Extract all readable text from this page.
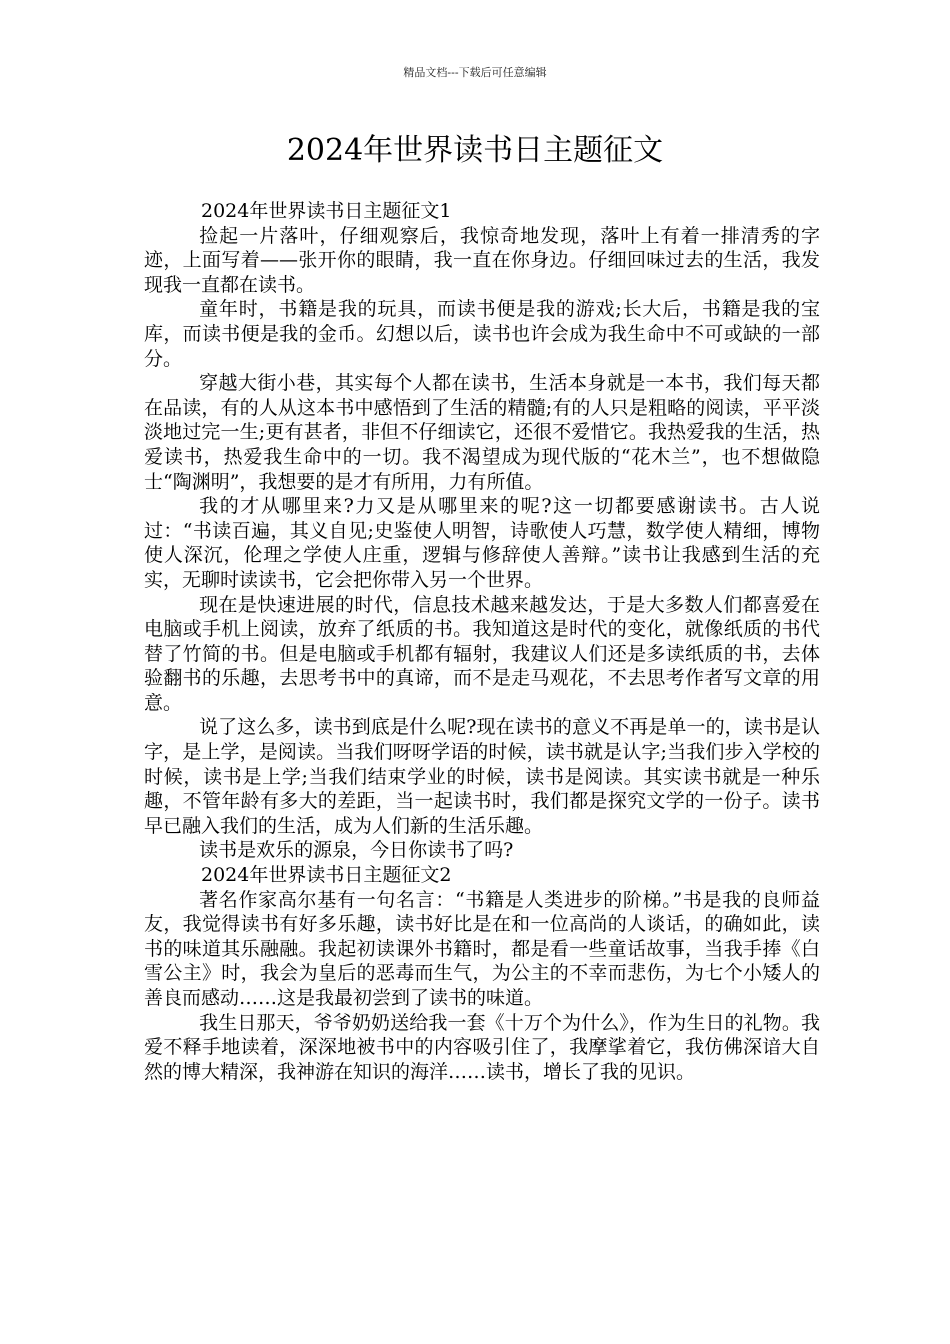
精品文档---下载后可任意编辑
2024年世界读书日主题征文

2024年世界读书日主题征文1

捡起一片落叶，仔细观察后，我惊奇地发现，落叶上有着一排清秀的字迹，上面写着——张开你的眼睛，我一直在你身边。仔细回味过去的生活，我发现我一直都在读书。

童年时，书籍是我的玩具，而读书便是我的游戏;长大后，书籍是我的宝库，而读书便是我的金币。幻想以后，读书也许会成为我生命中不可或缺的一部分。

穿越大街小巷，其实每个人都在读书，生活本身就是一本书，我们每天都在品读，有的人从这本书中感悟到了生活的精髓;有的人只是粗略的阅读，平平淡淡地过完一生;更有甚者，非但不仔细读它，还很不爱惜它。我热爱我的生活，热爱读书，热爱我生命中的一切。我不渴望成为现代版的“花木兰”，也不想做隐士“陶渊明”，我想要的是才有所用，力有所值。

我的才从哪里来?力又是从哪里来的呢?这一切都要感谢读书。古人说过：“书读百遍，其义自见;史鉴使人明智，诗歌使人巧慧，数学使人精细，博物使人深沉，伦理之学使人庄重，逻辑与修辞使人善辩。”读书让我感到生活的充实，无聊时读读书，它会把你带入另一个世界。

现在是快速进展的时代，信息技术越来越发达，于是大多数人们都喜爱在电脑或手机上阅读，放弃了纸质的书。我知道这是时代的变化，就像纸质的书代替了竹简的书。但是电脑或手机都有辐射，我建议人们还是多读纸质的书，去体验翻书的乐趣，去思考书中的真谛，而不是走马观花，不去思考作者写文章的用意。

说了这么多，读书到底是什么呢?现在读书的意义不再是单一的，读书是认字，是上学，是阅读。当我们呀呀学语的时候，读书就是认字;当我们步入学校的时候，读书是上学;当我们结束学业的时候，读书是阅读。其实读书就是一种乐趣，不管年龄有多大的差距，当一起读书时，我们都是探究文学的一份子。读书早已融入我们的生活，成为人们新的生活乐趣。

读书是欢乐的源泉，今日你读书了吗?

2024年世界读书日主题征文2

著名作家高尔基有一句名言：“书籍是人类进步的阶梯。”书是我的良师益友，我觉得读书有好多乐趣，读书好比是在和一位高尚的人谈话，的确如此，读书的味道其乐融融。我起初读课外书籍时，都是看一些童话故事，当我手捧《白雪公主》时，我会为皇后的恶毒而生气，为公主的不幸而悲伤，为七个小矮人的善良而感动……这是我最初尝到了读书的味道。

我生日那天，爷爷奶奶送给我一套《十万个为什么》，作为生日的礼物。我爱不释手地读着，深深地被书中的内容吸引住了，我摩挲着它，我仿佛深谙大自然的博大精深，我神游在知识的海洋……读书，增长了我的见识。
